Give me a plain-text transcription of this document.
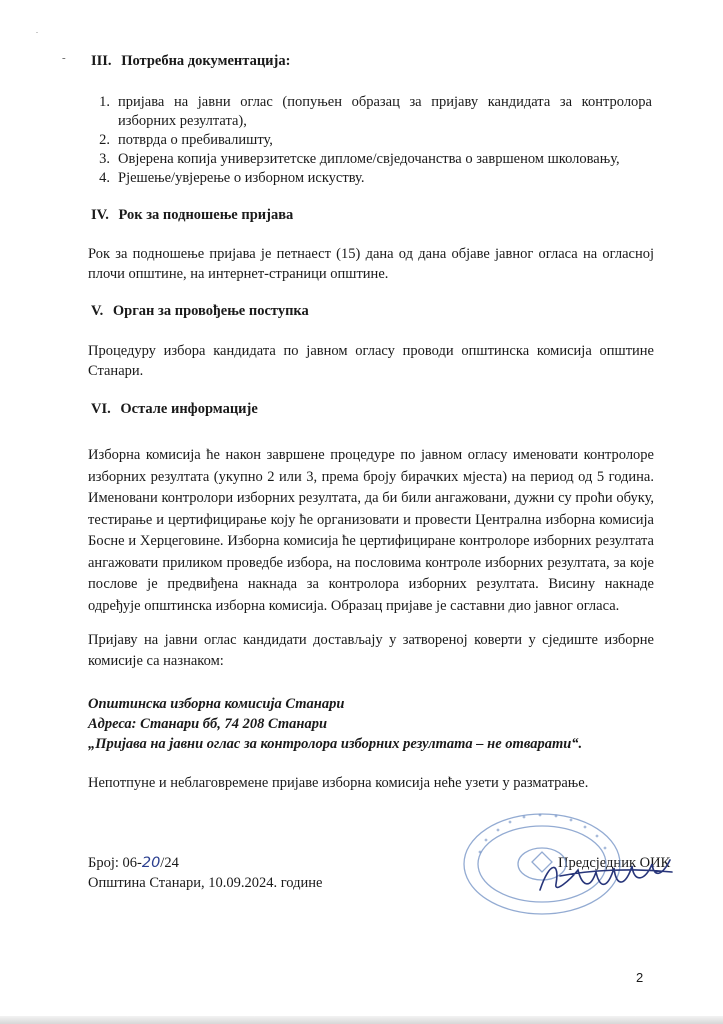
.
- III. Потребна документација:
1. пријава на јавни оглас (попуњен образац за пријаву кандидата за контролора изборних резултата),
2. потврда о пребивалишту,
3. Овјерена копија универзитетске дипломе/свједочанства о завршеном школовању,
4. Рјешење/увјерење о изборном искуству.
IV. Рок за подношење пријава

Рок за подношење пријава је петнаест (15) дана од дана објаве јавног огласа на огласној плочи општине, на интернет-страници општине.

V. Орган за провођење поступка

Процедуру избора кандидата по јавном огласу проводи општинска комисија општине Станари.

VI. Остале информације

Изборна комисија ће након завршене процедуре по јавном огласу именовати контролоре изборних резултата (укупно 2 или 3, према броју бирачких мјеста) на период од 5 година. Именовани контролори изборних резултата, да би били ангажовани, дужни су проћи обуку, тестирање и цертифицирање коју ће организовати и провести Централна изборна комисија Босне и Херцеговине. Изборна комисија ће цертифициране контролоре изборних резултата ангажовати приликом проведбе избора, на пословима контроле изборних резултата, за које послове је предвиђена накнада за контролора изборних резултата. Висину накнаде одређује општинска изборна комисија. Образац пријаве је саставни дио јавног огласа.

Пријаву на јавни оглас кандидати достављају у затвореној коверти у сједиште изборне комисије са назнаком:

Општинска изборна комисија Станари
Адреса: Станари бб, 74 208 Станари
„Пријава на јавни оглас за контролора изборних резултата – не отварати“.

Непотпуне и неблаговремене пријаве изборна комисија неће узети у разматрање.

Број: 06-20/24
Општина Станари, 10.09.2024. године
Предсједник ОИК
2
